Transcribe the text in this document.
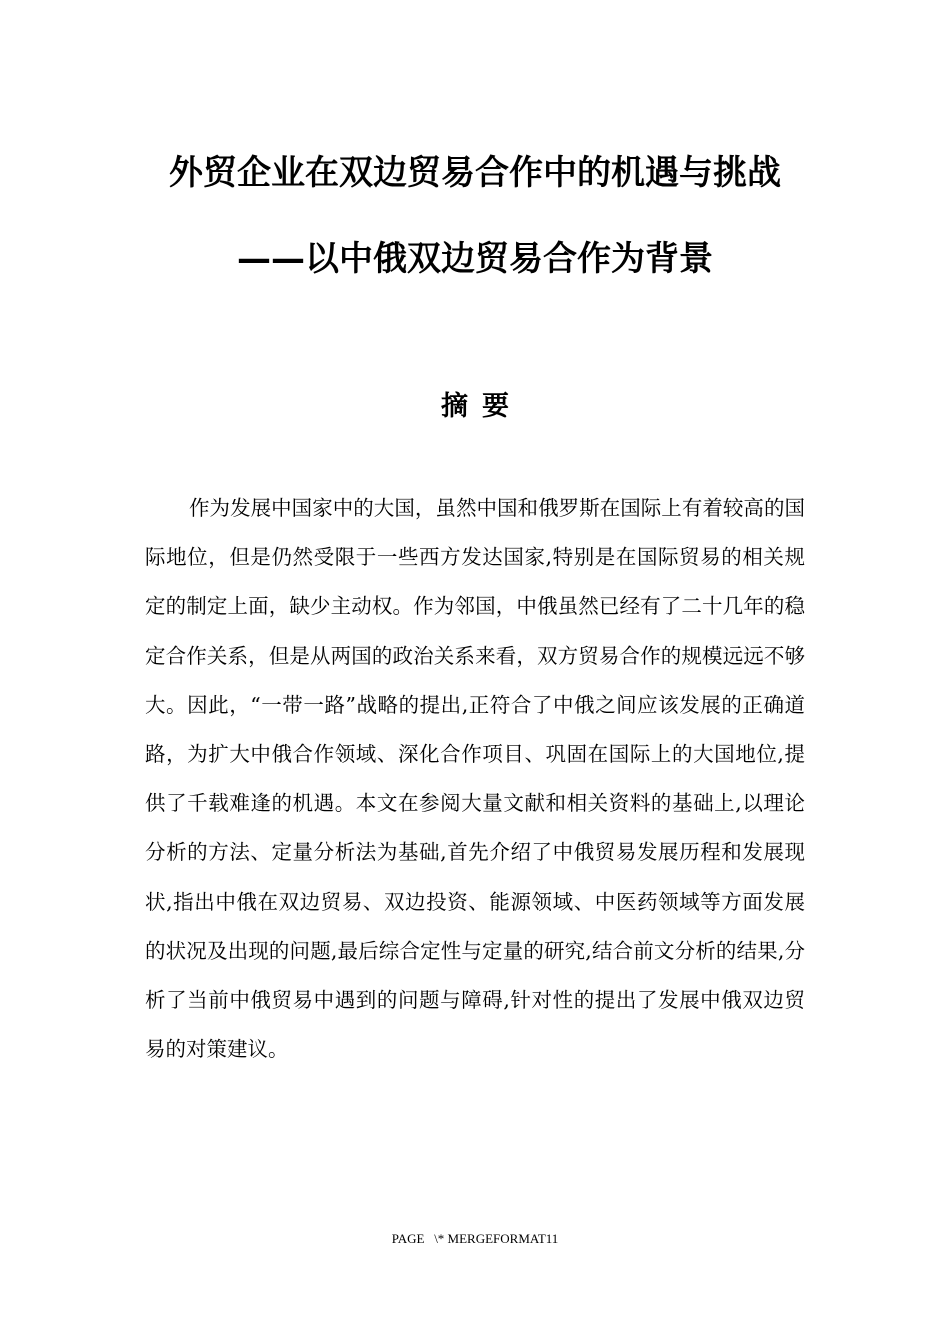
外贸企业在双边贸易合作中的机遇与挑战
——以中俄双边贸易合作为背景
摘要

作为发展中国家中的大国，虽然中国和俄罗斯在国际上有着较高的国际地位，但是仍然受限于一些西方发达国家,特别是在国际贸易的相关规定的制定上面，缺少主动权。作为邻国，中俄虽然已经有了二十几年的稳定合作关系，但是从两国的政治关系来看，双方贸易合作的规模远远不够大。因此，“一带一路”战略的提出,正符合了中俄之间应该发展的正确道路，为扩大中俄合作领域、深化合作项目、巩固在国际上的大国地位,提供了千载难逢的机遇。本文在参阅大量文献和相关资料的基础上,以理论分析的方法、定量分析法为基础,首先介绍了中俄贸易发展历程和发展现状,指出中俄在双边贸易、双边投资、能源领域、中医药领域等方面发展的状况及出现的问题,最后综合定性与定量的研究,结合前文分析的结果,分析了当前中俄贸易中遇到的问题与障碍,针对性的提出了发展中俄双边贸易的对策建议。

PAGE   \* MERGEFORMAT11
